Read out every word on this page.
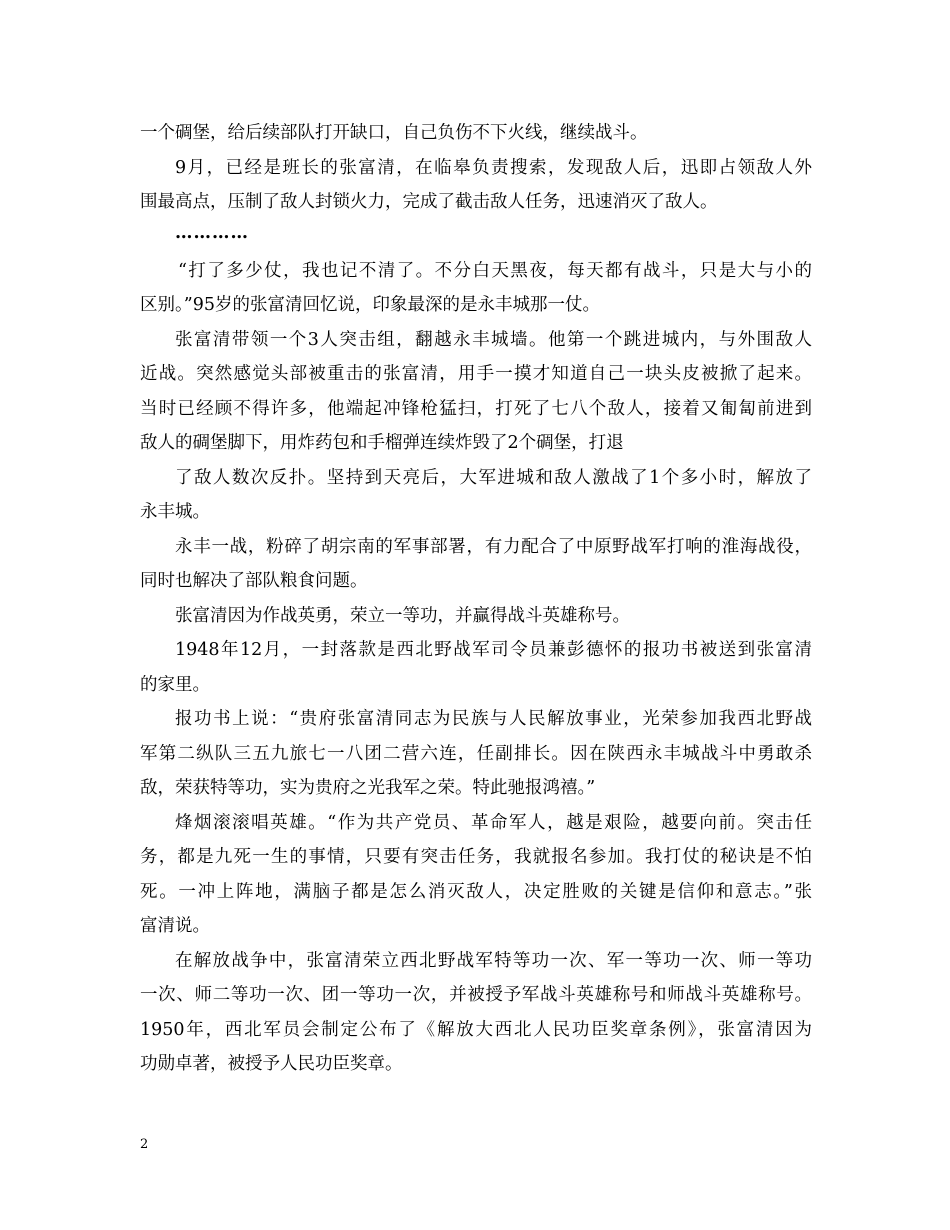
一个碉堡，给后续部队打开缺口，自己负伤不下火线，继续战斗。
9月，已经是班长的张富清，在临皋负责搜索，发现敌人后，迅即占领敌人外
围最高点，压制了敌人封锁火力，完成了截击敌人任务，迅速消灭了敌人。
…………
“打了多少仗，我也记不清了。不分白天黑夜，每天都有战斗，只是大与小的
区别。”95岁的张富清回忆说，印象最深的是永丰城那一仗。
张富清带领一个3人突击组，翻越永丰城墙。他第一个跳进城内，与外围敌人
近战。突然感觉头部被重击的张富清，用手一摸才知道自己一块头皮被掀了起来。
当时已经顾不得许多，他端起冲锋枪猛扫，打死了七八个敌人，接着又匍匐前进到
敌人的碉堡脚下，用炸药包和手榴弹连续炸毁了2个碉堡，打退
了敌人数次反扑。坚持到天亮后，大军进城和敌人激战了1个多小时，解放了
永丰城。
永丰一战，粉碎了胡宗南的军事部署，有力配合了中原野战军打响的淮海战役，
同时也解决了部队粮食问题。
张富清因为作战英勇，荣立一等功，并赢得战斗英雄称号。
1948年12月，一封落款是西北野战军司令员兼彭德怀的报功书被送到张富清
的家里。
报功书上说：“贵府张富清同志为民族与人民解放事业，光荣参加我西北野战
军第二纵队三五九旅七一八团二营六连，任副排长。因在陕西永丰城战斗中勇敢杀
敌，荣获特等功，实为贵府之光我军之荣。特此驰报鸿禧。”
烽烟滚滚唱英雄。“作为共产党员、革命军人，越是艰险，越要向前。突击任
务，都是九死一生的事情，只要有突击任务，我就报名参加。我打仗的秘诀是不怕
死。一冲上阵地，满脑子都是怎么消灭敌人，决定胜败的关键是信仰和意志。”张
富清说。
在解放战争中，张富清荣立西北野战军特等功一次、军一等功一次、师一等功
一次、师二等功一次、团一等功一次，并被授予军战斗英雄称号和师战斗英雄称号。
1950年，西北军员会制定公布了《解放大西北人民功臣奖章条例》，张富清因为
功勋卓著，被授予人民功臣奖章。
2
